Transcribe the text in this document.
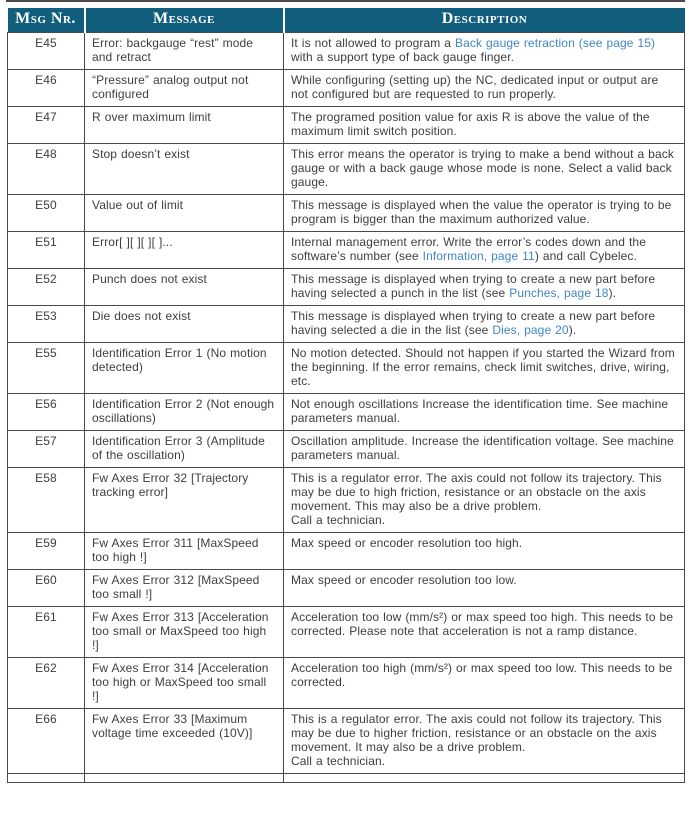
Msg Nr.	Message	Description
E45	Error: backgauge “rest” mode and retract	It is not allowed to program a Back gauge retraction (see page 15) with a support type of back gauge finger.
E46	“Pressure” analog output not configured	While configuring (setting up) the NC, dedicated input or output are not configured but are requested to run properly.
E47	R over maximum limit	The programed position value for axis R is above the value of the maximum limit switch position.
E48	Stop doesn’t exist	This error means the operator is trying to make a bend without a back gauge or with a back gauge whose mode is none. Select a valid back gauge.
E50	Value out of limit	This message is displayed when the value the operator is trying to be program is bigger than the maximum authorized value.
E51	Error[ ][ ][ ][ ]...	Internal management error. Write the error’s codes down and the software’s number (see Information, page 11) and call Cybelec.
E52	Punch does not exist	This message is displayed when trying to create a new part before having selected a punch in the list (see Punches, page 18).
E53	Die does not exist	This message is displayed when trying to create a new part before having selected a die in the list (see Dies, page 20).
E55	Identification Error 1 (No motion detected)	No motion detected. Should not happen if you started the Wizard from the beginning. If the error remains, check limit switches, drive, wiring, etc.
E56	Identification Error 2 (Not enough oscillations)	Not enough oscillations Increase the identification time. See machine parameters manual.
E57	Identification Error 3 (Amplitude of the oscillation)	Oscillation amplitude. Increase the identification voltage. See machine parameters manual.
E58	Fw Axes Error 32 [Trajectory tracking error]	This is a regulator error. The axis could not follow its trajectory. This may be due to high friction, resistance or an obstacle on the axis movement. This may also be a drive problem.
Call a technician.
E59	Fw Axes Error 311 [MaxSpeed too high !]	Max speed or encoder resolution too high.
E60	Fw Axes Error 312 [MaxSpeed too small !]	Max speed or encoder resolution too low.
E61	Fw Axes Error 313 [Acceleration too small or MaxSpeed too high !]	Acceleration too low (mm/s²) or max speed too high. This needs to be corrected. Please note that acceleration is not a ramp distance.
E62	Fw Axes Error 314 [Acceleration too high or MaxSpeed too small !]	Acceleration too high (mm/s²) or max speed too low. This needs to be corrected.
E66	Fw Axes Error 33 [Maximum voltage time exceeded (10V)]	This is a regulator error. The axis could not follow its trajectory. This may be due to higher friction, resistance or an obstacle on the axis movement. It may also be a drive problem.
Call a technician.
